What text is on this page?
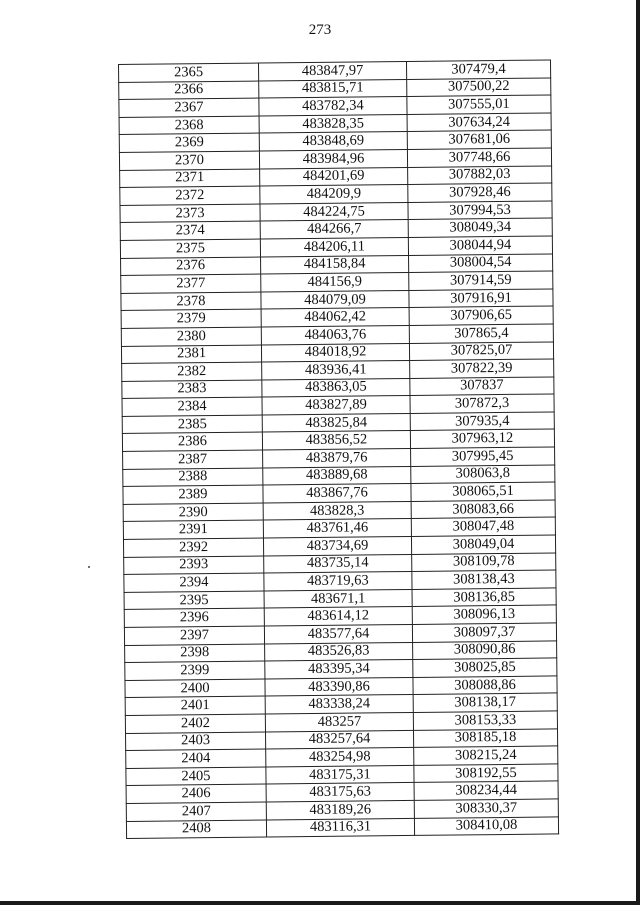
273
2365	483847,97	307479,4
2366	483815,71	307500,22
2367	483782,34	307555,01
2368	483828,35	307634,24
2369	483848,69	307681,06
2370	483984,96	307748,66
2371	484201,69	307882,03
2372	484209,9	307928,46
2373	484224,75	307994,53
2374	484266,7	308049,34
2375	484206,11	308044,94
2376	484158,84	308004,54
2377	484156,9	307914,59
2378	484079,09	307916,91
2379	484062,42	307906,65
2380	484063,76	307865,4
2381	484018,92	307825,07
2382	483936,41	307822,39
2383	483863,05	307837
2384	483827,89	307872,3
2385	483825,84	307935,4
2386	483856,52	307963,12
2387	483879,76	307995,45
2388	483889,68	308063,8
2389	483867,76	308065,51
2390	483828,3	308083,66
2391	483761,46	308047,48
2392	483734,69	308049,04
2393	483735,14	308109,78
2394	483719,63	308138,43
2395	483671,1	308136,85
2396	483614,12	308096,13
2397	483577,64	308097,37
2398	483526,83	308090,86
2399	483395,34	308025,85
2400	483390,86	308088,86
2401	483338,24	308138,17
2402	483257	308153,33
2403	483257,64	308185,18
2404	483254,98	308215,24
2405	483175,31	308192,55
2406	483175,63	308234,44
2407	483189,26	308330,37
2408	483116,31	308410,08
